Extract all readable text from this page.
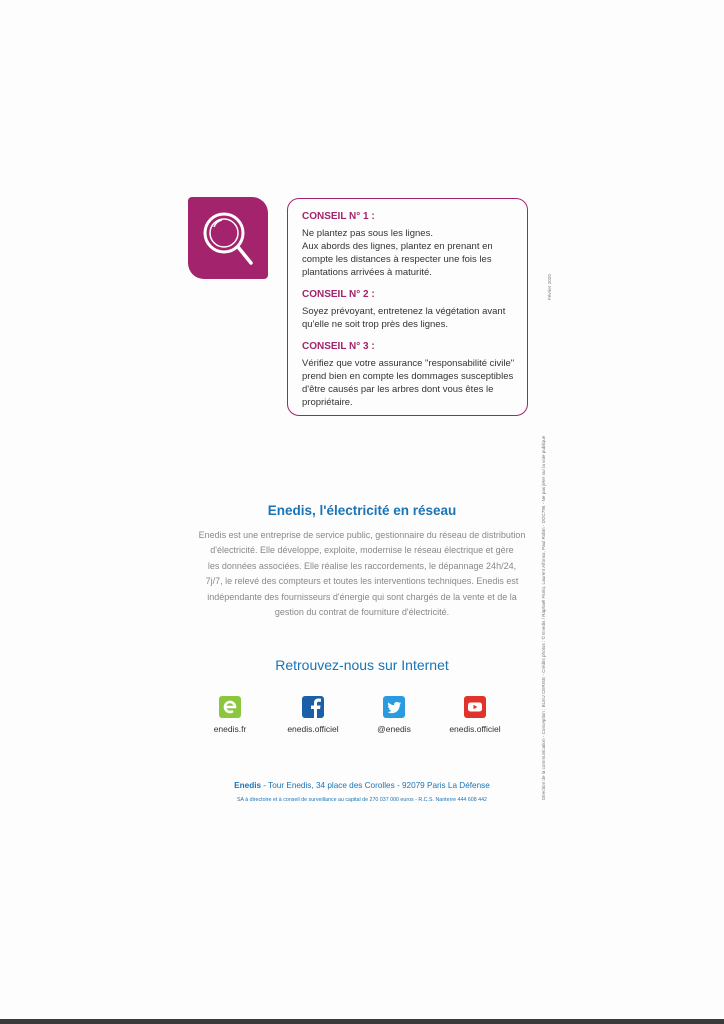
CONSEIL N° 1 :
Ne plantez pas sous les lignes.
Aux abords des lignes, plantez en prenant en compte les distances à respecter une fois les plantations arrivées à maturité.
CONSEIL N° 2 :
Soyez prévoyant, entretenez la végétation avant qu'elle ne soit trop près des lignes.
CONSEIL N° 3 :
Vérifiez que votre assurance "responsabilité civile" prend bien en compte les dommages susceptibles d'être causés par les arbres dont vous êtes le propriétaire.
Enedis, l'électricité en réseau
Enedis est une entreprise de service public, gestionnaire du réseau de distribution
d'électricité. Elle développe, exploite, modernise le réseau électrique et gère
les données associées. Elle réalise les raccordements, le dépannage 24h/24,
7j/7, le relevé des compteurs et toutes les interventions techniques. Enedis est
indépendante des fournisseurs d'énergie qui sont chargés de la vente et de la
gestion du contrat de fourniture d'électricité.
Retrouvez-nous sur Internet
enedis.fr	enedis.officiel	@enedis	enedis.officiel
Enedis - Tour Enedis, 34 place des Corolles - 92079 Paris La Défense
SA à directoire et à conseil de surveillance au capital de 270 037 000 euros - R.C.S. Nanterre 444 608 442	Direction de la communication - Conception : BLEU CERISE - Crédits photos : © Enedis / Raphaël Fiorio, Laurent Alfonso, Paul Robin - DOC795 - Ne pas jeter sur la voie publique
Février 2020
